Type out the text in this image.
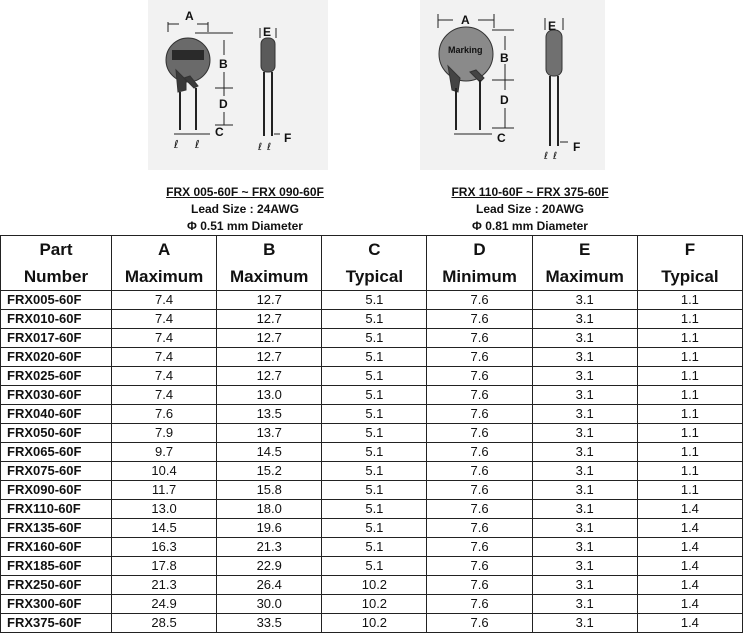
A
B
D
C
ℓ ℓ
E
F
ℓ ℓ
Marking
A
B
D
C
E
F
ℓ ℓ
FRX 005-60F ~ FRX 090-60F
Lead Size : 24AWG
Φ 0.51 mm Diameter
FRX 110-60F ~ FRX 375-60F
Lead Size : 20AWG
Φ 0.81 mm Diameter
Part	A	B	C	D	E	F
Number	Maximum	Maximum	Typical	Minimum	Maximum	Typical
FRX005-60F	7.4	12.7	5.1	7.6	3.1	1.1
FRX010-60F	7.4	12.7	5.1	7.6	3.1	1.1
FRX017-60F	7.4	12.7	5.1	7.6	3.1	1.1
FRX020-60F	7.4	12.7	5.1	7.6	3.1	1.1
FRX025-60F	7.4	12.7	5.1	7.6	3.1	1.1
FRX030-60F	7.4	13.0	5.1	7.6	3.1	1.1
FRX040-60F	7.6	13.5	5.1	7.6	3.1	1.1
FRX050-60F	7.9	13.7	5.1	7.6	3.1	1.1
FRX065-60F	9.7	14.5	5.1	7.6	3.1	1.1
FRX075-60F	10.4	15.2	5.1	7.6	3.1	1.1
FRX090-60F	11.7	15.8	5.1	7.6	3.1	1.1
FRX110-60F	13.0	18.0	5.1	7.6	3.1	1.4
FRX135-60F	14.5	19.6	5.1	7.6	3.1	1.4
FRX160-60F	16.3	21.3	5.1	7.6	3.1	1.4
FRX185-60F	17.8	22.9	5.1	7.6	3.1	1.4
FRX250-60F	21.3	26.4	10.2	7.6	3.1	1.4
FRX300-60F	24.9	30.0	10.2	7.6	3.1	1.4
FRX375-60F	28.5	33.5	10.2	7.6	3.1	1.4
